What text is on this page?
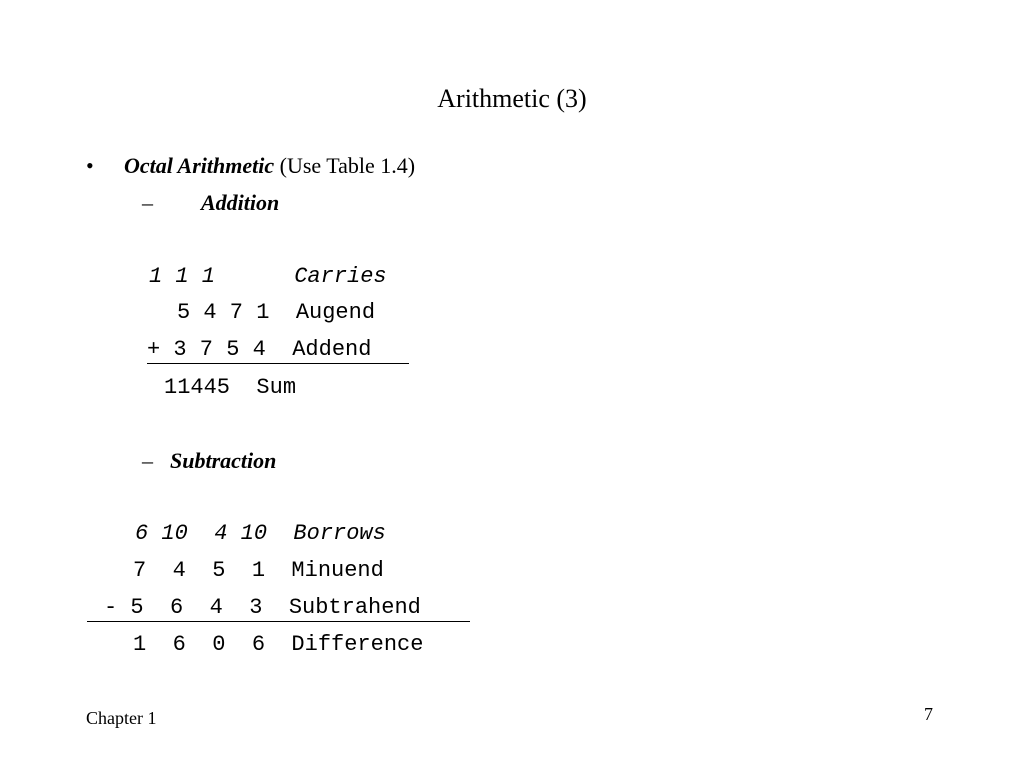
Arithmetic (3)
• Octal Arithmetic (Use Table 1.4)
– Addition
1 1 1      Carries
5 4 7 1  Augend
+ 3 7 5 4  Addend
11445  Sum
– Subtraction
6 10  4 10  Borrows
7  4  5  1  Minuend
- 5  6  4  3  Subtrahend
1  6  0  6  Difference
Chapter 1	7
